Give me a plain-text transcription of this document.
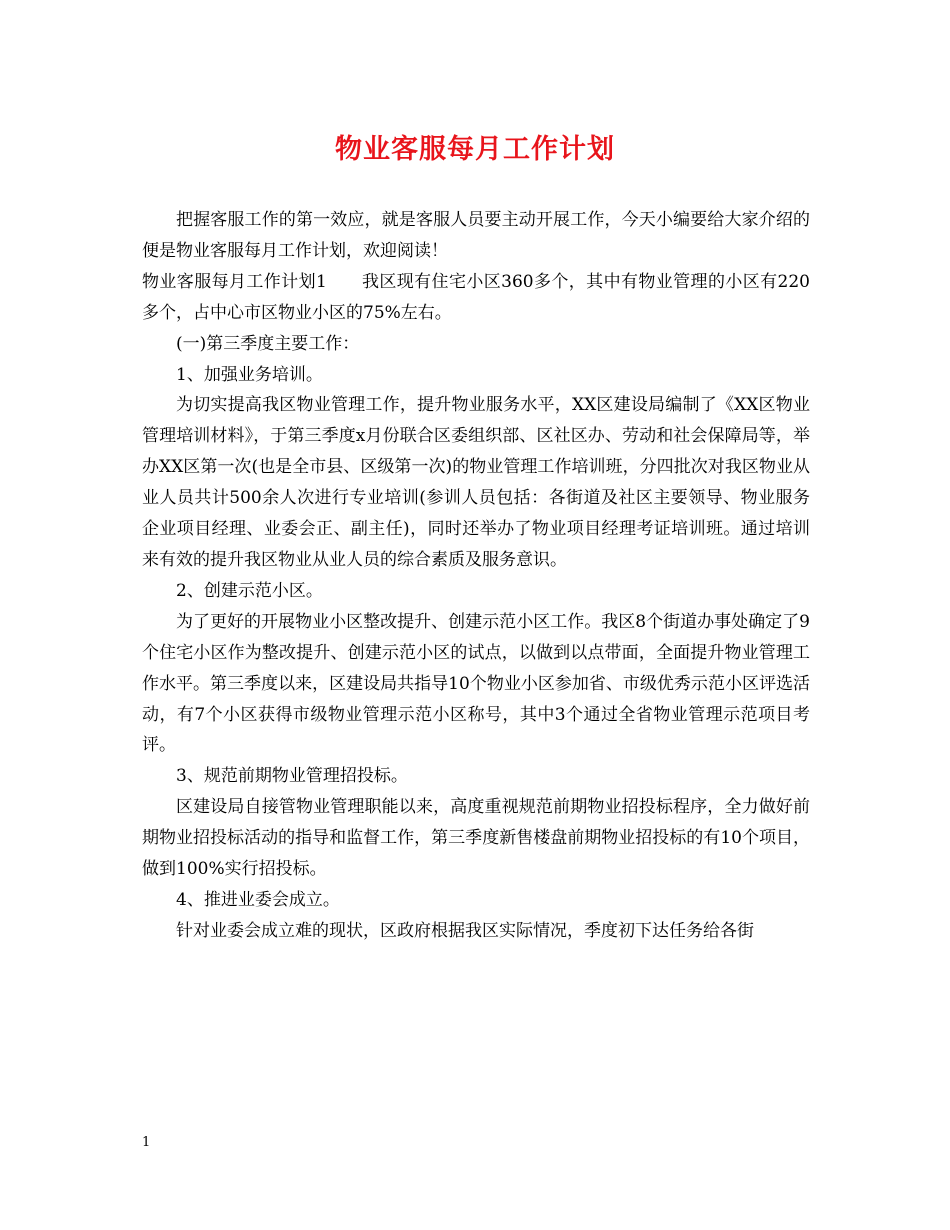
物业客服每月工作计划

把握客服工作的第一效应，就是客服人员要主动开展工作，今天小编要给大家介绍的便是物业客服每月工作计划，欢迎阅读！

物业客服每月工作计划1　　我区现有住宅小区360多个，其中有物业管理的小区有220多个，占中心市区物业小区的75%左右。

(一)第三季度主要工作：

1、加强业务培训。

为切实提高我区物业管理工作，提升物业服务水平，XX区建设局编制了《XX区物业管理培训材料》，于第三季度x月份联合区委组织部、区社区办、劳动和社会保障局等，举办XX区第一次(也是全市县、区级第一次)的物业管理工作培训班，分四批次对我区物业从业人员共计500余人次进行专业培训(参训人员包括：各街道及社区主要领导、物业服务企业项目经理、业委会正、副主任)，同时还举办了物业项目经理考证培训班。通过培训来有效的提升我区物业从业人员的综合素质及服务意识。

2、创建示范小区。

为了更好的开展物业小区整改提升、创建示范小区工作。我区8个街道办事处确定了9个住宅小区作为整改提升、创建示范小区的试点，以做到以点带面，全面提升物业管理工作水平。第三季度以来，区建设局共指导10个物业小区参加省、市级优秀示范小区评选活动，有7个小区获得市级物业管理示范小区称号，其中3个通过全省物业管理示范项目考评。

3、规范前期物业管理招投标。

区建设局自接管物业管理职能以来，高度重视规范前期物业招投标程序，全力做好前期物业招投标活动的指导和监督工作，第三季度新售楼盘前期物业招投标的有10个项目，做到100%实行招投标。

4、推进业委会成立。

针对业委会成立难的现状，区政府根据我区实际情况，季度初下达任务给各街

1
